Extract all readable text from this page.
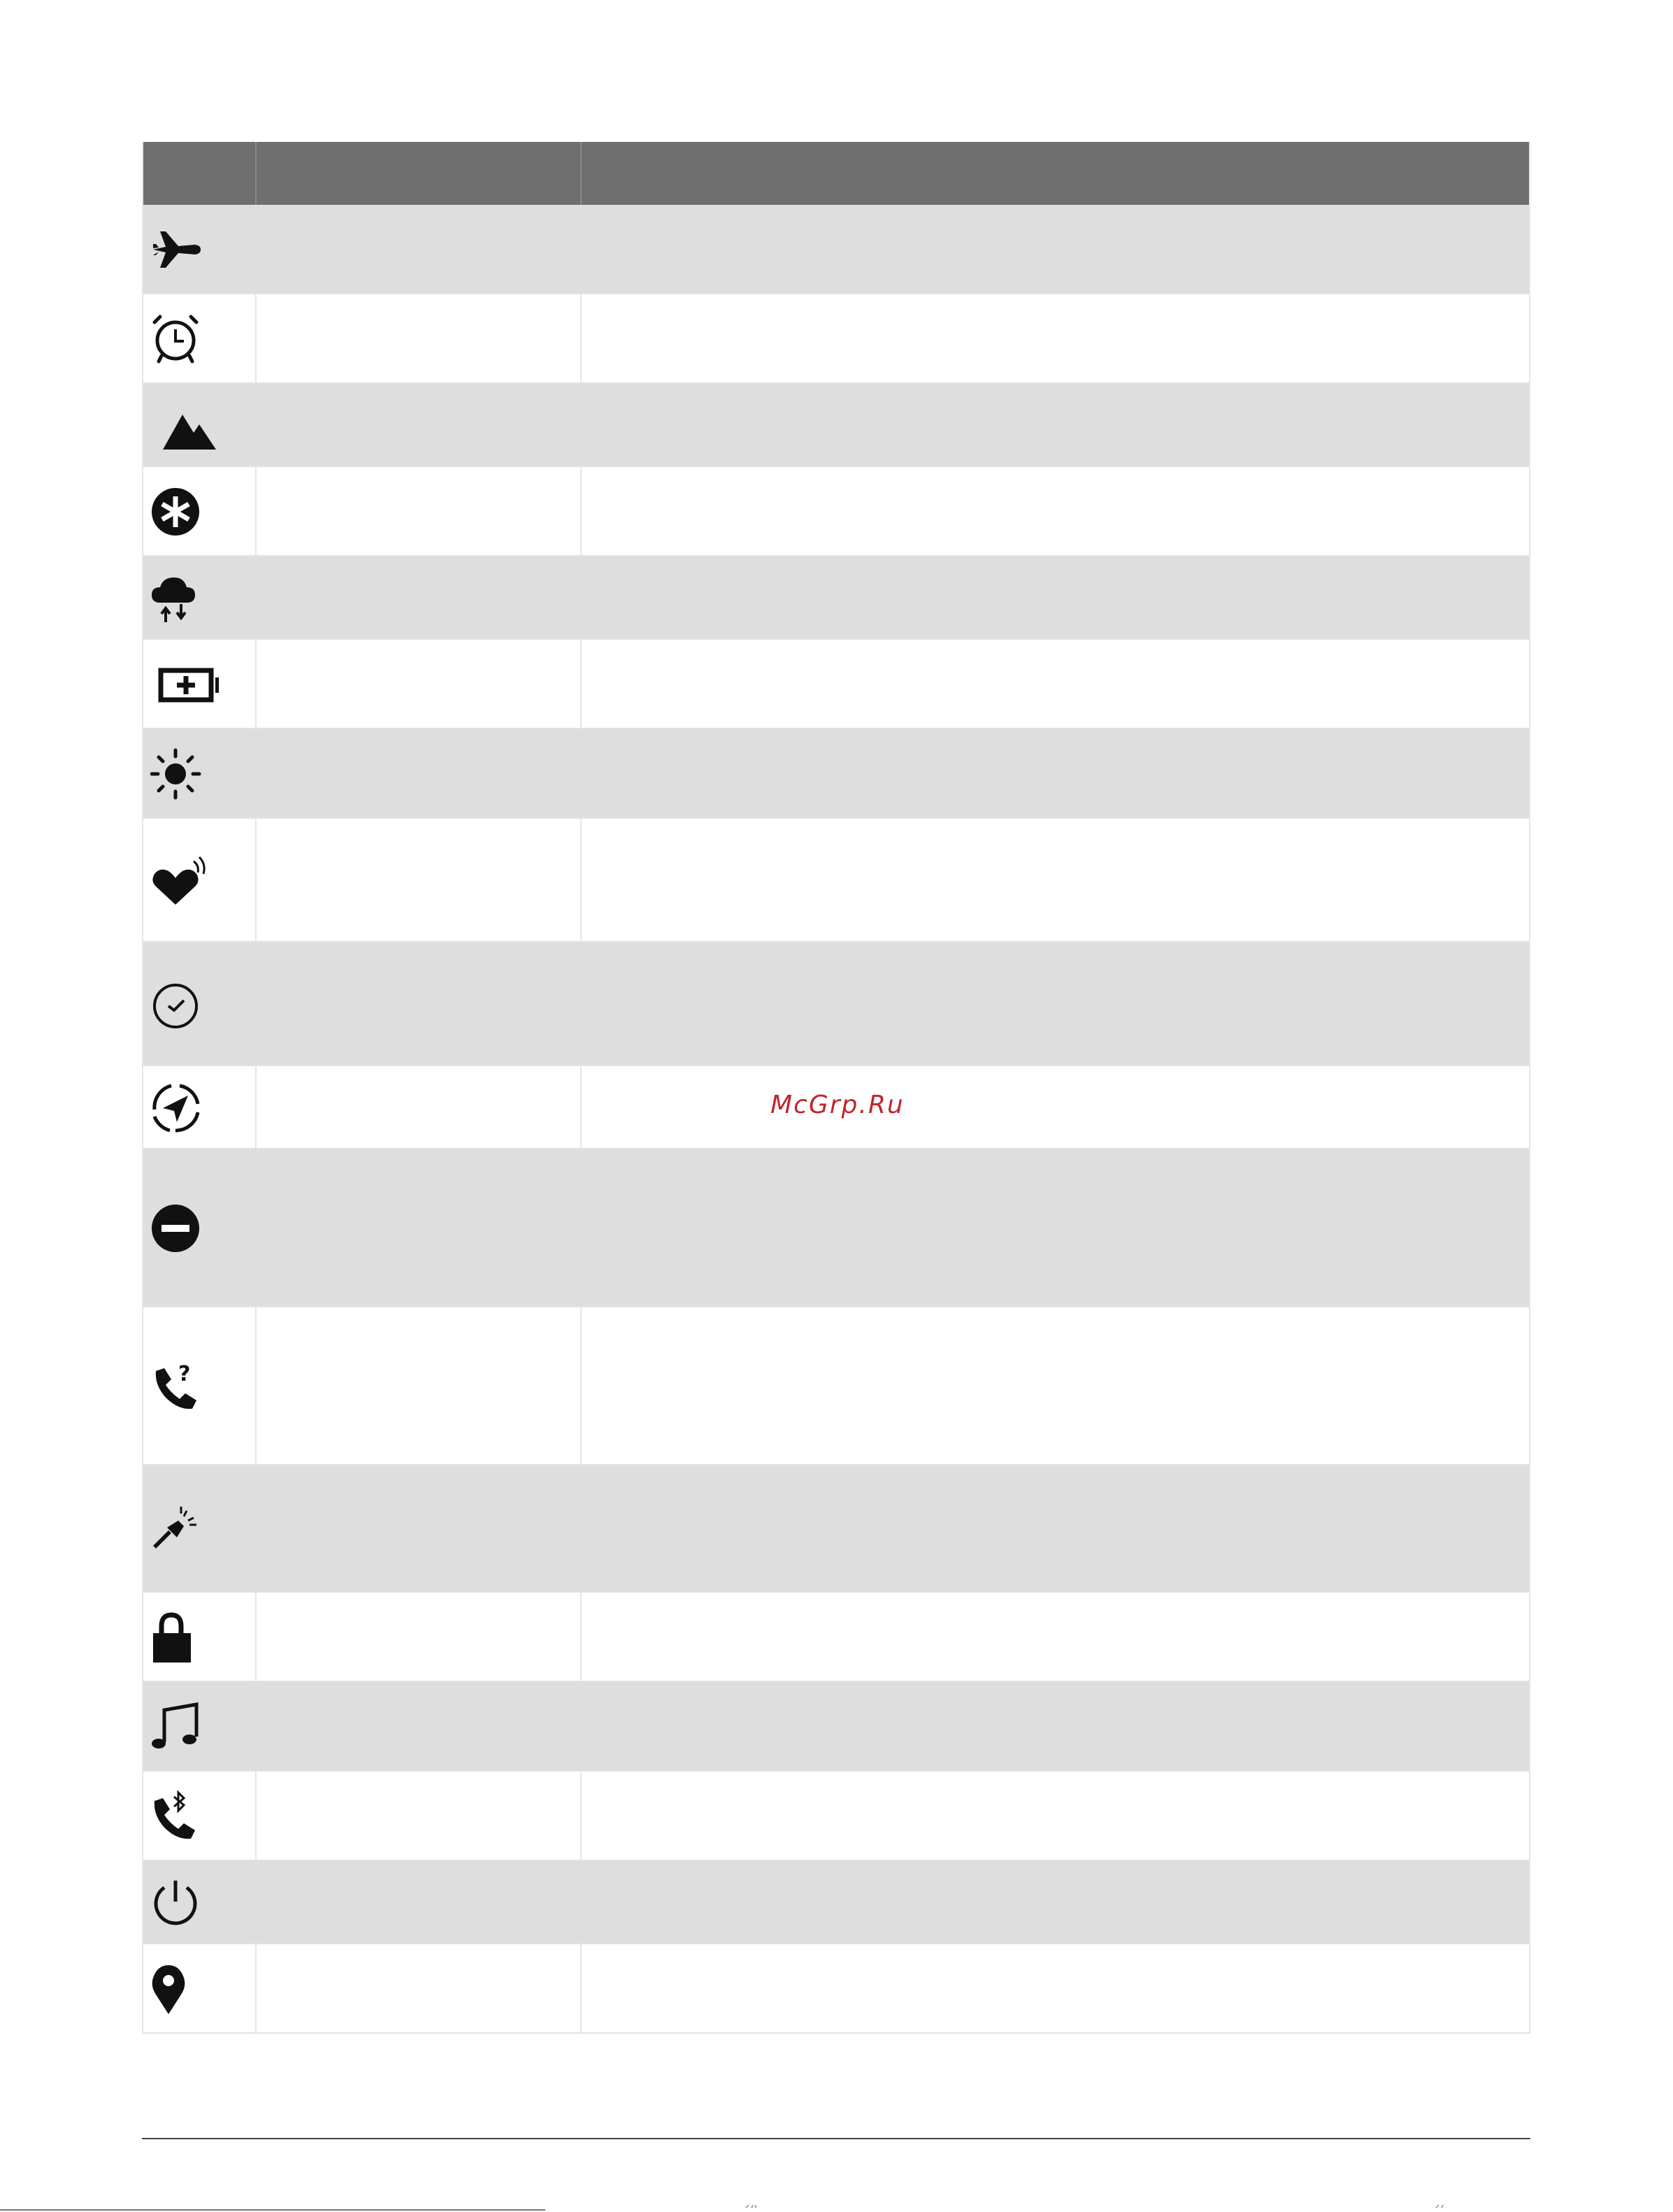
?
McGrp.Ru
